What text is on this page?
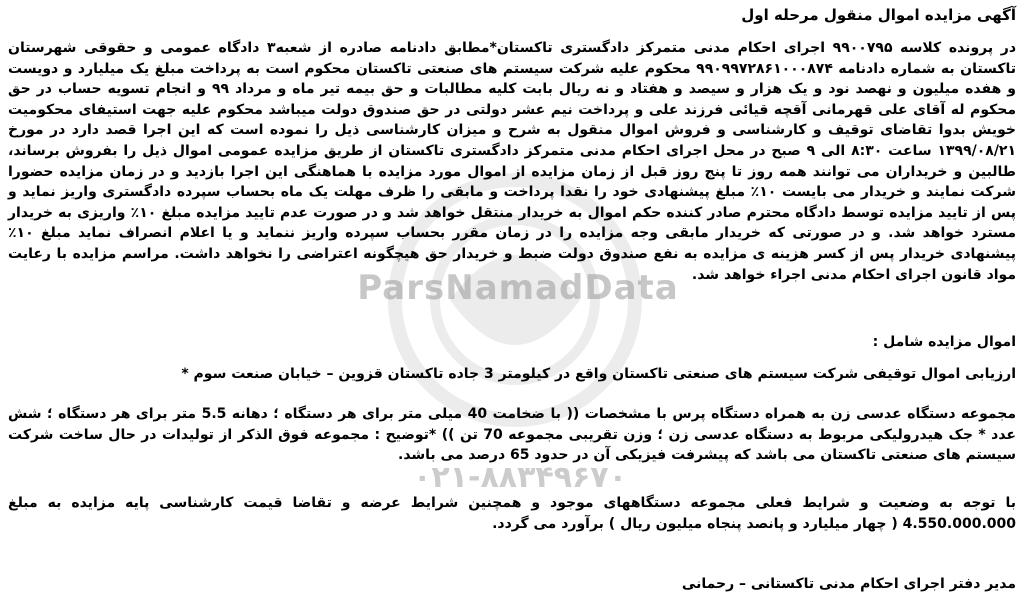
ParsNamadData
۰۲۱-۸۸۳۴۹۶۷۰
آگهی مزایده اموال منقول مرحله اول
در پرونده کلاسه ۹۹۰۰۷۹۵ اجرای احکام مدنی متمرکز دادگستری تاکستان*مطابق دادنامه صادره از شعبه۳ دادگاه عمومی و حقوقی شهرستان تاکستان به شماره دادنامه ۹۹۰۹۹۷۲۸۶۱۰۰۰۸۷۴ محکوم علیه شرکت سیستم های صنعتی تاکستان محکوم است به پرداخت مبلغ یک میلیارد و دویست و هفده میلیون و نهصد نود و یک هزار و سیصد و هفتاد و نه ریال بابت کلیه مطالبات و حق بیمه تیر ماه و مرداد ۹۹ و انجام تسویه حساب در حق محکوم له آقای علی قهرمانی آقچه قیائی فرزند علی و پرداخت نیم عشر دولتی در حق صندوق دولت میباشد محکوم علیه جهت استیفای محکومیت خویش بدوا تقاضای توقیف و کارشناسی و فروش اموال منقول به شرح و میزان کارشناسی ذیل را نموده است که این اجرا قصد دارد در مورخ ۱۳۹۹/۰۸/۲۱ ساعت ۸:۳۰ الی ۹ صبح در محل اجرای احکام مدنی متمرکز دادگستری تاکستان از طریق مزایده عمومی اموال ذیل را بفروش برساند، طالبین و خریداران می توانند همه روز تا پنج روز قبل از زمان مزایده از اموال مورد مزایده با هماهنگی این اجرا بازدید و در زمان مزایده حضورا شرکت نمایند و خریدار می بایست ۱۰٪ مبلغ پیشنهادی خود را نقدا پرداخت و مابقی را ظرف مهلت یک ماه بحساب سپرده دادگستری واریز نماید و پس از تایید مزایده توسط دادگاه محترم صادر کننده حکم اموال به خریدار منتقل خواهد شد و در صورت عدم تایید مزایده مبلغ ۱۰٪ واریزی به خریدار مسترد خواهد شد. و در صورتی که خریدار مابقی وجه مزایده را در زمان مقرر بحساب سپرده واریز ننماید و یا اعلام انصراف نماید مبلغ ۱۰٪ پیشنهادی خریدار پس از کسر هزینه ی مزایده به نفع صندوق دولت ضبط و خریدار حق هیچگونه اعتراضی را نخواهد داشت. مراسم مزایده با رعایت مواد قانون اجرای احکام مدنی اجراء خواهد شد.
اموال مزایده شامل :
ارزیابی اموال توقیفی شرکت سیستم های صنعتی تاکستان واقع در کیلومتر 3 جاده تاکستان قزوین – خیابان صنعت سوم *
مجموعه دستگاه عدسی زن به همراه دستگاه پرس با مشخصات (( با ضخامت 40 میلی متر برای هر دستگاه ؛ دهانه 5.5 متر برای هر دستگاه ؛ شش عدد * جک هیدرولیکی مربوط به دستگاه عدسی زن ؛ وزن تقریبی مجموعه 70 تن )) *توضیح : مجموعه فوق الذکر از تولیدات در حال ساخت شرکت سیستم های صنعتی تاکستان می باشد که پیشرفت فیزیکی آن در حدود 65 درصد می باشد.
با توجه به وضعیت و شرایط فعلی مجموعه دستگاههای موجود و همچنین شرایط عرضه و تقاضا قیمت کارشناسی پایه مزایده به مبلغ 4.550.000.000 ( چهار میلیارد و پانصد پنجاه میلیون ریال ) برآورد می گردد.
مدیر دفتر اجرای احکام مدنی تاکستانی – رحمانی
